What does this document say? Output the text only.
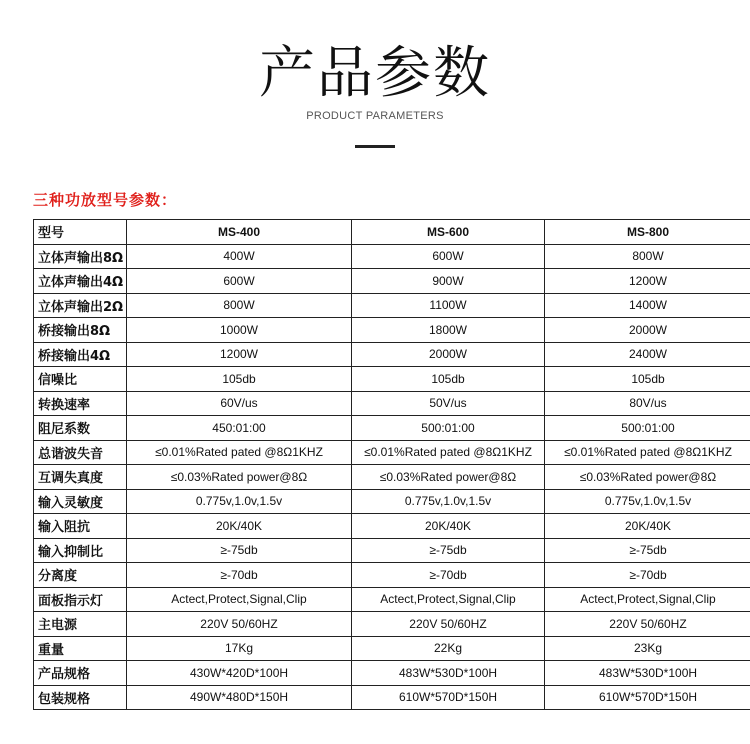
产品参数
PRODUCT PARAMETERS
三种功放型号参数：
型号	MS-400	MS-600	MS-800
立体声输出8Ω	400W	600W	800W
立体声输出4Ω	600W	900W	1200W
立体声输出2Ω	800W	1100W	1400W
桥接输出8Ω	1000W	1800W	2000W
桥接输出4Ω	1200W	2000W	2400W
信噪比	105db	105db	105db
转换速率	60V/us	50V/us	80V/us
阻尼系数	450:01:00	500:01:00	500:01:00
总谐波失音	≤0.01%Rated pated @8Ω1KHZ	≤0.01%Rated pated @8Ω1KHZ	≤0.01%Rated pated @8Ω1KHZ
互调失真度	≤0.03%Rated power@8Ω	≤0.03%Rated power@8Ω	≤0.03%Rated power@8Ω
输入灵敏度	0.775v,1.0v,1.5v	0.775v,1.0v,1.5v	0.775v,1.0v,1.5v
输入阻抗	20K/40K	20K/40K	20K/40K
输入抑制比	≥-75db	≥-75db	≥-75db
分离度	≥-70db	≥-70db	≥-70db
面板指示灯	Actect,Protect,Signal,Clip	Actect,Protect,Signal,Clip	Actect,Protect,Signal,Clip
主电源	220V 50/60HZ	220V 50/60HZ	220V 50/60HZ
重量	17Kg	22Kg	23Kg
产品规格	430W*420D*100H	483W*530D*100H	483W*530D*100H
包装规格	490W*480D*150H	610W*570D*150H	610W*570D*150H
